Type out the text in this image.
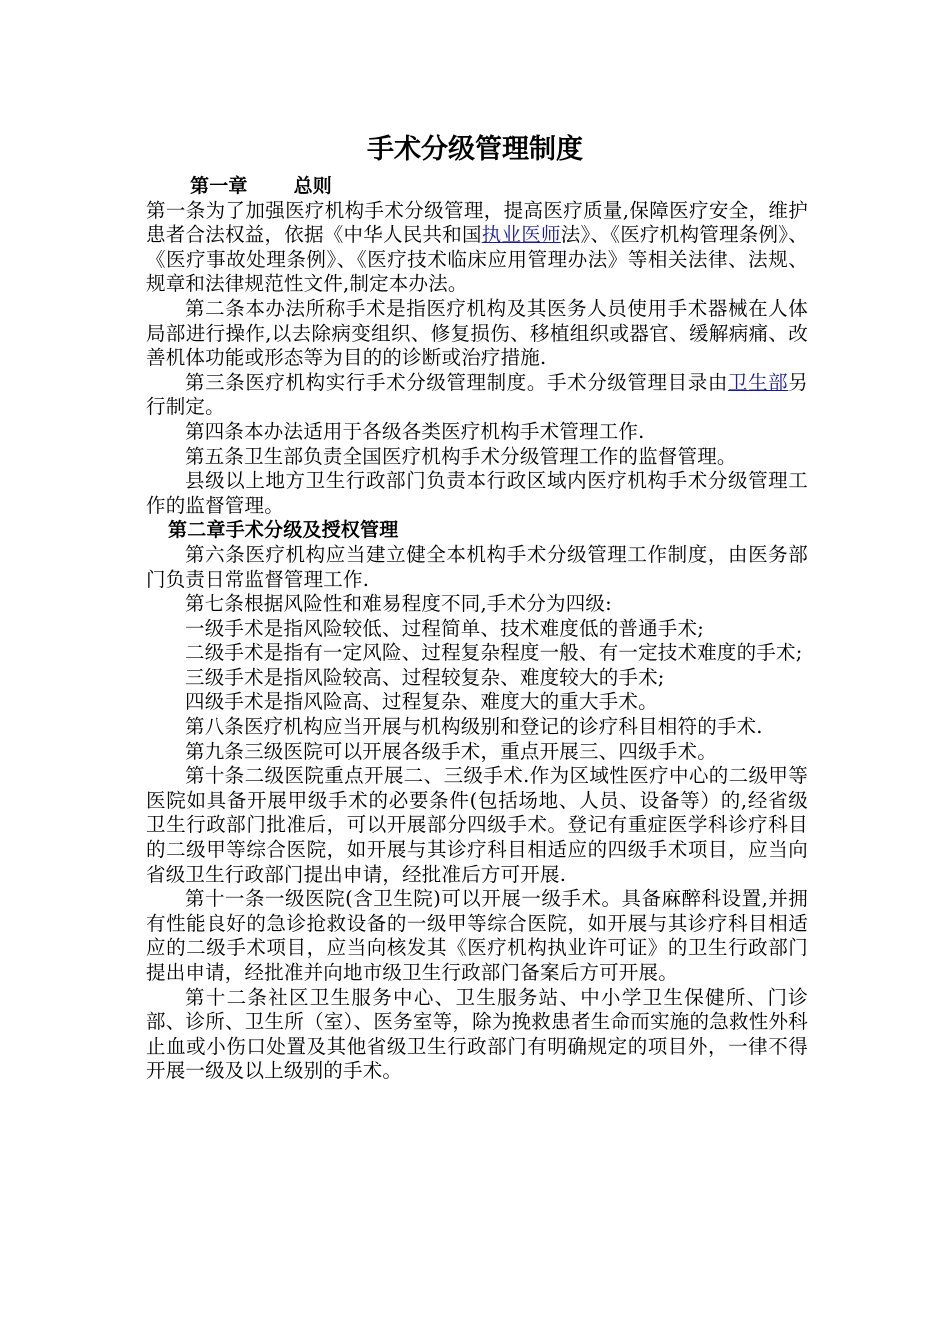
手术分级管理制度

第一章 总则

第一条为了加强医疗机构手术分级管理，提高医疗质量,保障医疗安全，维护患者合法权益，依据《中华人民共和国执业医师法》、《医疗机构管理条例》、《医疗事故处理条例》、《医疗技术临床应用管理办法》等相关法律、法规、规章和法律规范性文件,制定本办法。

第二条本办法所称手术是指医疗机构及其医务人员使用手术器械在人体局部进行操作,以去除病变组织、修复损伤、移植组织或器官、缓解病痛、改善机体功能或形态等为目的的诊断或治疗措施.

第三条医疗机构实行手术分级管理制度。手术分级管理目录由卫生部另行制定。

第四条本办法适用于各级各类医疗机构手术管理工作.

第五条卫生部负责全国医疗机构手术分级管理工作的监督管理。

县级以上地方卫生行政部门负责本行政区域内医疗机构手术分级管理工作的监督管理。

第二章手术分级及授权管理

第六条医疗机构应当建立健全本机构手术分级管理工作制度，由医务部门负责日常监督管理工作.

第七条根据风险性和难易程度不同,手术分为四级:

一级手术是指风险较低、过程简单、技术难度低的普通手术;

二级手术是指有一定风险、过程复杂程度一般、有一定技术难度的手术;

三级手术是指风险较高、过程较复杂、难度较大的手术;

四级手术是指风险高、过程复杂、难度大的重大手术。

第八条医疗机构应当开展与机构级别和登记的诊疗科目相符的手术.

第九条三级医院可以开展各级手术，重点开展三、四级手术。

第十条二级医院重点开展二、三级手术.作为区域性医疗中心的二级甲等医院如具备开展甲级手术的必要条件(包括场地、人员、设备等）的,经省级卫生行政部门批准后，可以开展部分四级手术。登记有重症医学科诊疗科目的二级甲等综合医院，如开展与其诊疗科目相适应的四级手术项目，应当向省级卫生行政部门提出申请，经批准后方可开展.

第十一条一级医院(含卫生院)可以开展一级手术。具备麻醉科设置,并拥有性能良好的急诊抢救设备的一级甲等综合医院，如开展与其诊疗科目相适应的二级手术项目，应当向核发其《医疗机构执业许可证》的卫生行政部门提出申请，经批准并向地市级卫生行政部门备案后方可开展。

第十二条社区卫生服务中心、卫生服务站、中小学卫生保健所、门诊部、诊所、卫生所（室）、医务室等，除为挽救患者生命而实施的急救性外科止血或小伤口处置及其他省级卫生行政部门有明确规定的项目外，一律不得开展一级及以上级别的手术。
